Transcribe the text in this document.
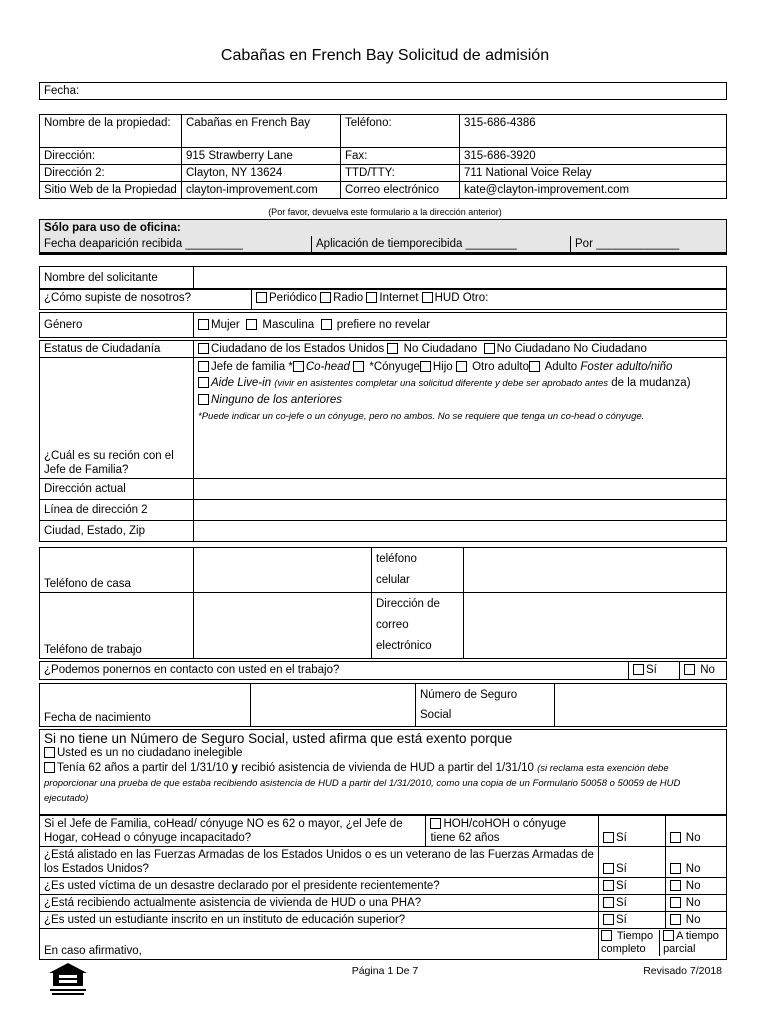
Cabañas en French Bay Solicitud de admisión
Fecha:
Nombre de la propiedad:	Cabañas en French Bay	Teléfono:	315-686-4386
Dirección:	915 Strawberry Lane	Fax:	315-686-3920
Dirección 2:	Clayton, NY 13624	TTD/TTY:	711 National Voice Relay
Sitio Web de la Propiedad	clayton-improvement.com	Correo electrónico	kate@clayton-improvement.com
(Por favor, devuelva este formulario a la dirección anterior)
Sólo para uso de oficina:
Fecha deaparición recibida _________	Aplicación de tiemporecibida ________	Por _____________
Nombre del solicitante	
¿Cómo supiste de nosotros?	Periódico Radio Internet HUD Otro:
Género	Mujer Masculina prefiere no revelar
Estatus de Ciudadanía	Ciudadano de los Estados Unidos No Ciudadano No Ciudadano No Ciudadano
¿Cuál es su reción con el Jefe de Familia?	Jefe de familia * Co-head *Cónyuge Hijo Otro adulto Adulto Foster adulto/niño
Aide Live-in (vivir en asistentes completar una solicitud diferente y debe ser aprobado antes de la mudanza)
Ninguno de los anteriores
*Puede indicar un co-jefe o un cónyuge, pero no ambos. No se requiere que tenga un co-head o cónyuge.
Dirección actual	
Línea de dirección 2	
Ciudad, Estado, Zip	
Teléfono de casa		teléfono
celular	
Teléfono de trabajo		Dirección de
correo
electrónico	
¿Podemos ponernos en contacto con usted en el trabajo?	Sí	No
Fecha de nacimiento		Número de Seguro
Social	
Si no tiene un Número de Seguro Social, usted afirma que está exento porque
Usted es un no ciudadano inelegible
Tenía 62 años a partir del 1/31/10 y recibió asistencia de vivienda de HUD a partir del 1/31/10 (si reclama esta exención debe proporcionar una prueba de que estaba recibiendo asistencia de HUD a partir del 1/31/2010, como una copia de un Formulario 50058 o 50059 de HUD ejecutado)
Si el Jefe de Familia, coHead/ cónyuge NO es 62 o mayor, ¿el Jefe de Hogar, coHead o cónyuge incapacitado?	HOH/coHOH o cónyuge tiene 62 años	Sí	No
¿Está alistado en las Fuerzas Armadas de los Estados Unidos o es un veterano de las Fuerzas Armadas de los Estados Unidos?		Sí	No
¿Es usted víctima de un desastre declarado por el presidente recientemente?		Sí	No
¿Está recibiendo actualmente asistencia de vivienda de HUD o una PHA?		Sí	No
¿Es usted un estudiante inscrito en un instituto de educación superior?		Sí	No
En caso afirmativo,		Tiempo completo
A tiempo parcial	
Página 1 De 7	Revisado 7/2018
